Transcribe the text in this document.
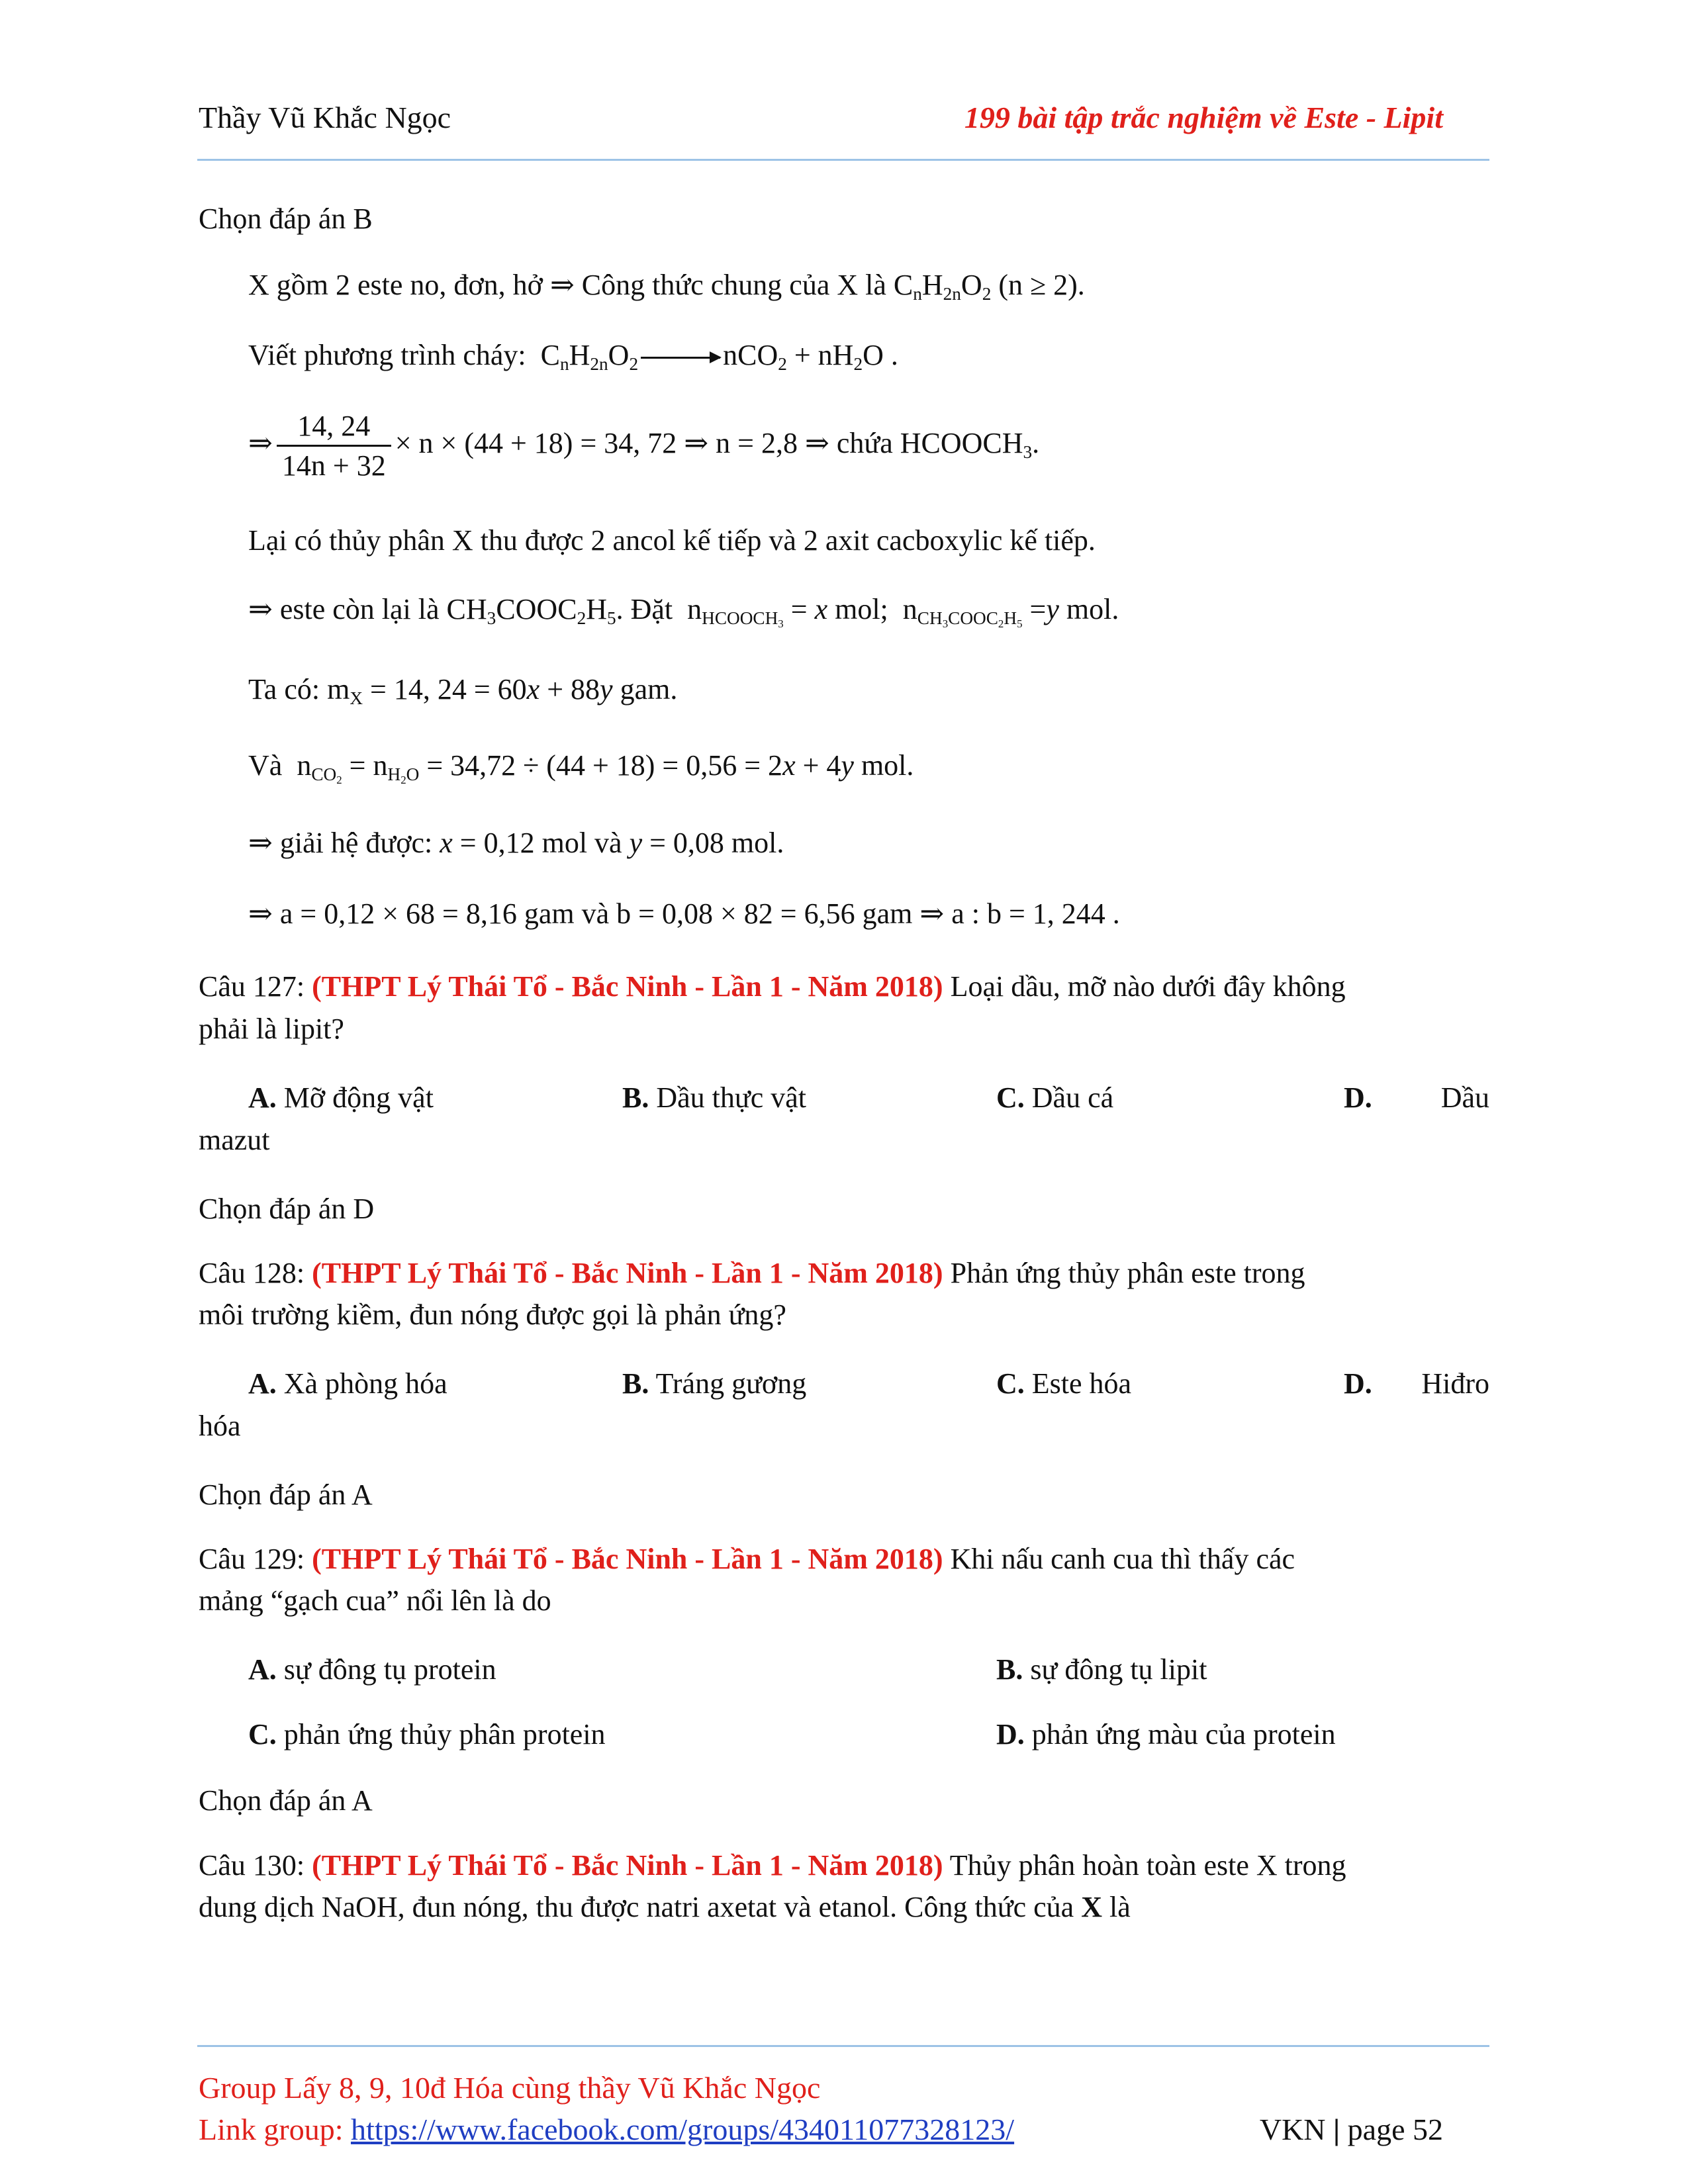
Thầy Vũ Khắc Ngọc	199 bài tập trắc nghiệm về Este - Lipit
Chọn đáp án B
X gồm 2 este no, đơn, hở ⇒ Công thức chung của X là $C_nH_{2n}O_2$ (n ≥ 2).
Viết phương trình cháy:  $C_nH_{2n}O_2$	$nCO_2 + nH_2O$ .
⇒ $\frac{14, 24}{14n + 32} \times n \times (44 + 18) = 34$, 72 ⇒ n = 2,8 ⇒ chứa $HCOOCH_3$.
Lại có thủy phân X thu được 2 ancol kế tiếp và 2 axit cacboxylic kế tiếp.
⇒ este còn lại là $CH_3COOC_2H_5$. Đặt  $n_{HCOOCH_3} = x$ mol;  $n_{CH_3COOC_2H_5} =y$ mol.
Ta có: $m_X = 14$, 24 = 60x + 88y gam.
Và  $n_{CO_2} = n_{H_2O} = 34,72 \div (44 + 18) = 0,56 = 2x + 4y$ mol.
⇒ giải hệ được: x = 0,12 mol và y = 0,08 mol.
⇒ a = 0,12 × 68 = 8,16 gam và b = 0,08 × 82 = 6,56 gam ⇒ a : b = 1, 244 .
Câu 127: (THPT Lý Thái Tổ - Bắc Ninh - Lần 1 - Năm 2018) Loại dầu, mỡ nào dưới đây không
phải là lipit?
A. Mỡ động vật	B. Dầu thực vật	C. Dầu cá	D. Dầu
mazut
Chọn đáp án D
Câu 128: (THPT Lý Thái Tổ - Bắc Ninh - Lần 1 - Năm 2018) Phản ứng thủy phân este trong
môi trường kiềm, đun nóng được gọi là phản ứng?
A. Xà phòng hóa	B. Tráng gương	C. Este hóa	D. Hiđro
hóa
Chọn đáp án A
Câu 129: (THPT Lý Thái Tổ - Bắc Ninh - Lần 1 - Năm 2018) Khi nấu canh cua thì thấy các
mảng “gạch cua” nổi lên là do
A. sự đông tụ protein	B. sự đông tụ lipit
C. phản ứng thủy phân protein	D. phản ứng màu của protein
Chọn đáp án A
Câu 130: (THPT Lý Thái Tổ - Bắc Ninh - Lần 1 - Năm 2018) Thủy phân hoàn toàn este X trong
dung dịch NaOH, đun nóng, thu được natri axetat và etanol. Công thức của X là
Group Lấy 8, 9, 10đ Hóa cùng thầy Vũ Khắc Ngọc
Link group: https://www.facebook.com/groups/434011077328123/	VKN | page 52
